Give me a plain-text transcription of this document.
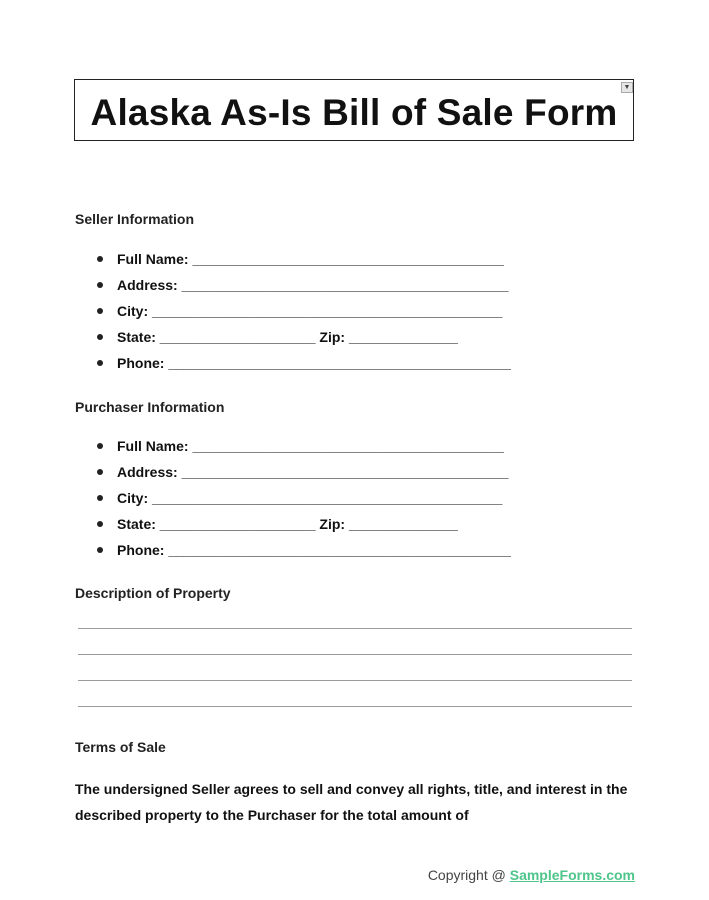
Alaska As-Is Bill of Sale Form
▼
Seller Information
Full Name: ________________________________________
Address: __________________________________________
City: _____________________________________________
State: ____________________ Zip: ______________
Phone: ____________________________________________
Purchaser Information
Full Name: ________________________________________
Address: __________________________________________
City: _____________________________________________
State: ____________________ Zip: ______________
Phone: ____________________________________________
Description of Property
Terms of Sale
The undersigned Seller agrees to sell and convey all rights, title, and interest in the described property to the Purchaser for the total amount of
Copyright @ SampleForms.com
